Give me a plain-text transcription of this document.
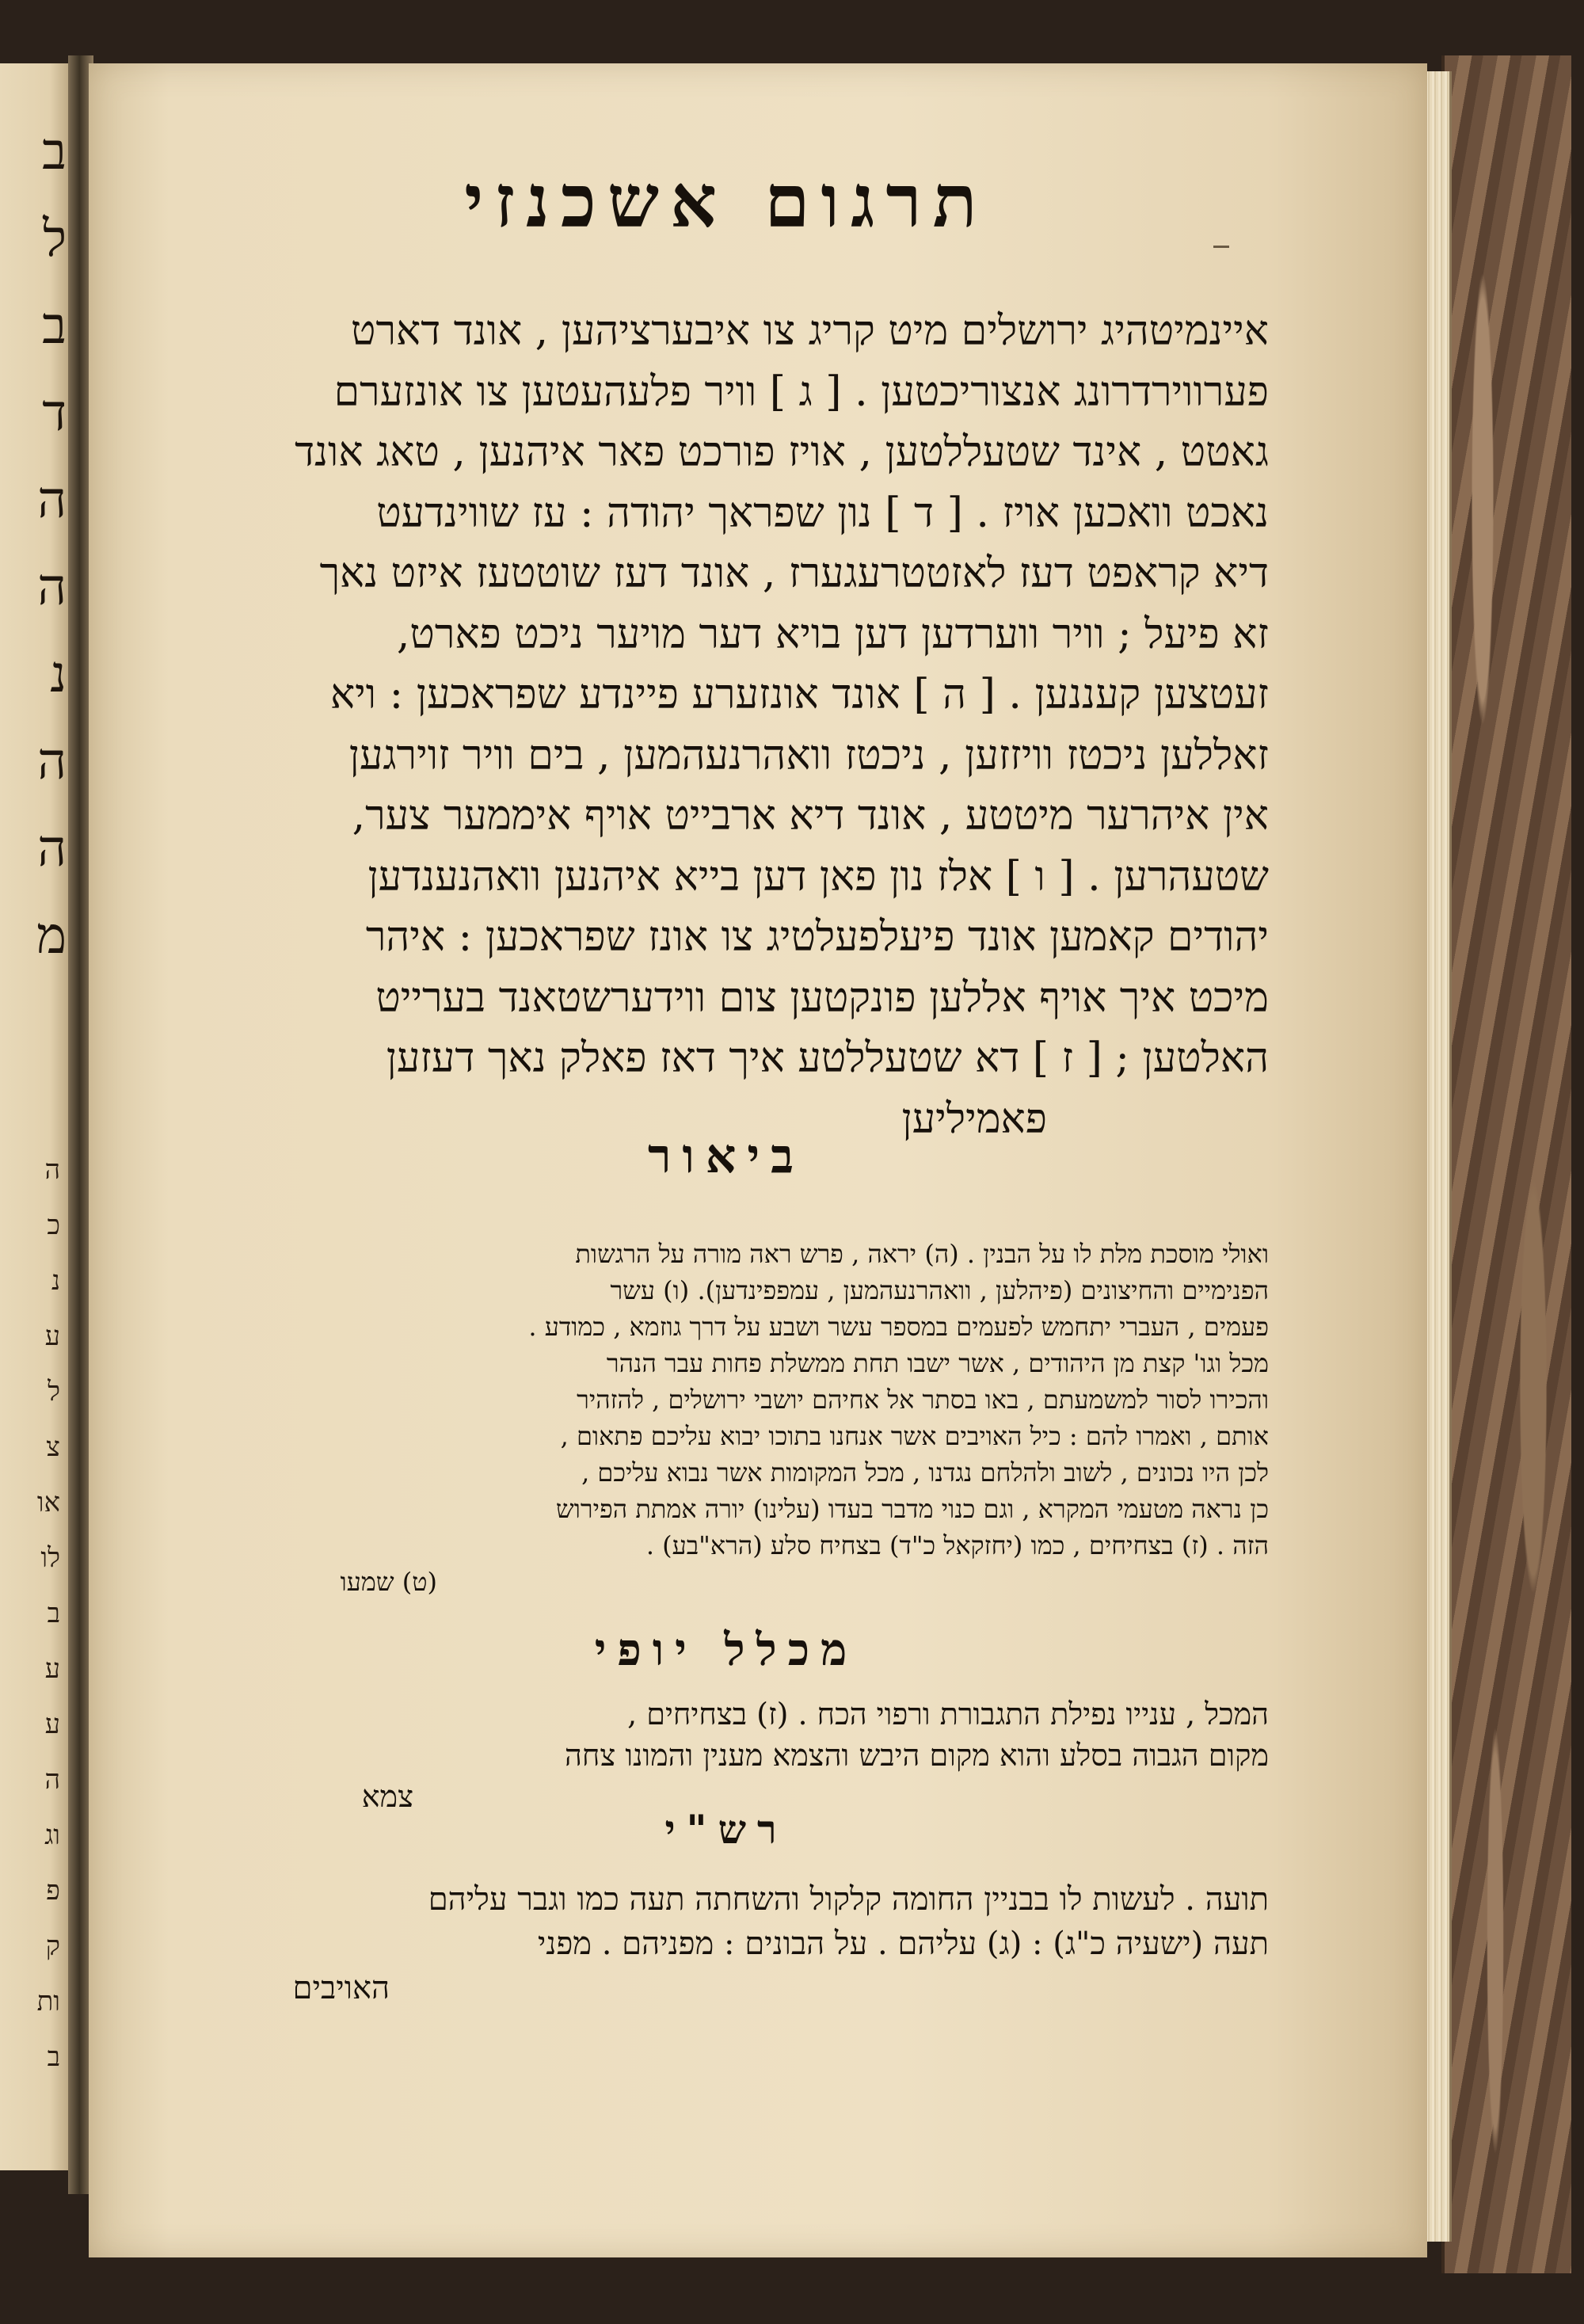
ב
ל
ב
ד
ה
ה
נ
ה
ה
מ
ה
כ
נ
ע
ל
צ
או
לו
ב
ע
ע
ה
וג
פ
ק
ות
ב
תרגום אשכנזי

איינמיטהיג ירושלים מיט קריג צו איבערציהען , אונד דארט

פערווירדרונג אנצוריכטען . [ ג ] וויר פלעהעטען צו אונזערם

גאטט , אינד שטעללטען , אויז פורכט פאר איהנען , טאג אונד

נאכט וואכען אויז . [ ד ] נון שפראך יהודה : עז שווינדעט

דיא קראפט דעז לאזטטרעגערז , אונד דעז שוטטעז איזט נאך

זא פיעל ; וויר ווערדען דען בויא דער מויער ניכט פארט,

זעטצען קעננען . [ ה ] אונד אונזערע פיינדע שפראכען : ויא

זאללען ניכטז וויזזען , ניכטז וואהרנעהמען , בים וויר זוירגען

אין איהרער מיטטע , אונד דיא ארבייט אויף איממער צער,

שטעהרען . [ ו ] אלז נון פאן דען בייא איהנען וואהנענדען

יהודים קאמען אונד פיעלפעלטיג צו אונז שפראכען : איהר

מיכט איך אויף אללען פונקטען צום ווידערשטאנד בערייט

האלטען ; [ ז ] דא שטעללטע איך דאז פאלק נאך דעזען

פאמיליען

ביאור

ואולי מוסכת מלת לו על הבנין . (ה) יראה , פרש ראה מורה על הרגשות

הפנימיים והחיצונים (פיהלען , וואהרנעהמען , עמפפינדען). (ו) עשר

פעמים , העברי יתחמש לפעמים במספר עשר ושבע על דרך גוזמא , כמודע .

מכל וגו' קצת מן היהודים , אשר ישבו תחת ממשלת פחות עבר הנהר

והכירו לסור למשמעתם , באו בסתר אל אחיהם יושבי ירושלים , להזהיר

אותם , ואמרו להם : כיל האויבים אשר אנחנו בתוכו יבוא עליכם פתאום ,

לכן היו נכונים , לשוב ולהלחם נגדנו , מכל המקומות אשר נבוא עליכם ,

כן נראה מטעמי המקרא , וגם כנוי מדבר בעדו (עלינו) יורה אמתת הפירוש

הזה . (ז) בצחיחים , כמו (יחזקאל כ"ד) בצחיח סלע (הרא"בע) .

(ט) שמעו

מכלל יופי

המכל , ענייו נפילת התגבורת ורפוי הכח . (ז) בצחיחים ,

מקום הגבוה בסלע והוא מקום היבש והצמא מענין והמונו צחה

צמא

רש"י

תועה . לעשות לו בבניין החומה קלקול והשחתה תעה כמו וגבר עליהם

תעה (ישעיה כ"ג) : (ג) עליהם . על הבונים : מפניהם . מפני

האויבים
